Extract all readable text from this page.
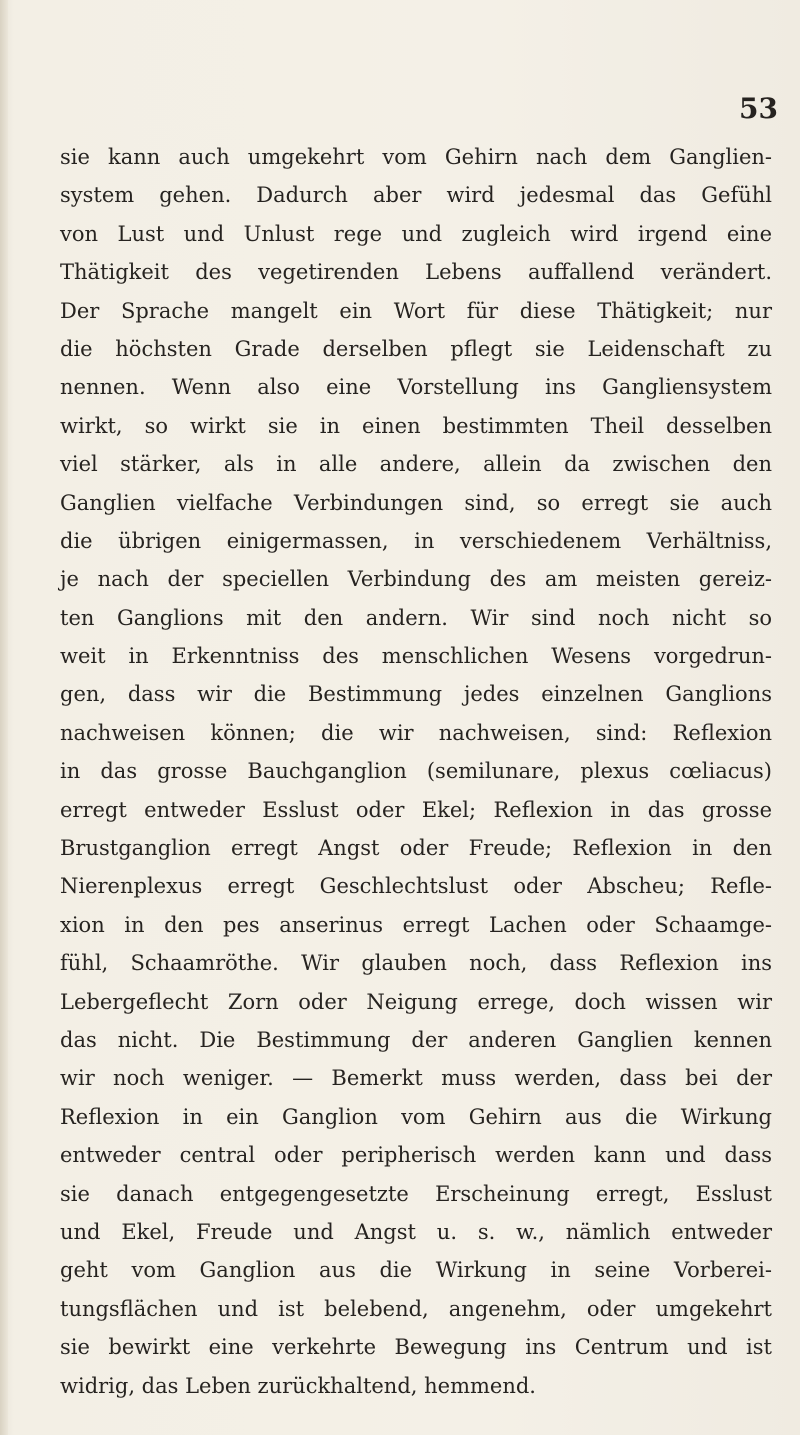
53

sie kann auch umgekehrt vom Gehirn nach dem Ganglien-
system gehen. Dadurch aber wird jedesmal das Gefühl
von Lust und Unlust rege und zugleich wird irgend eine
Thätigkeit des vegetirenden Lebens auffallend verändert.
Der Sprache mangelt ein Wort für diese Thätigkeit; nur
die höchsten Grade derselben pflegt sie Leidenschaft zu
nennen. Wenn also eine Vorstellung ins Gangliensystem
wirkt, so wirkt sie in einen bestimmten Theil desselben
viel stärker, als in alle andere, allein da zwischen den
Ganglien vielfache Verbindungen sind, so erregt sie auch
die übrigen einigermassen, in verschiedenem Verhältniss,
je nach der speciellen Verbindung des am meisten gereiz-
ten Ganglions mit den andern. Wir sind noch nicht so
weit in Erkenntniss des menschlichen Wesens vorgedrun-
gen, dass wir die Bestimmung jedes einzelnen Ganglions
nachweisen können; die wir nachweisen, sind: Reflexion
in das grosse Bauchganglion (semilunare, plexus cœliacus)
erregt entweder Esslust oder Ekel; Reflexion in das grosse
Brustganglion erregt Angst oder Freude; Reflexion in den
Nierenplexus erregt Geschlechtslust oder Abscheu; Refle-
xion in den pes anserinus erregt Lachen oder Schaamge-
fühl, Schaamröthe. Wir glauben noch, dass Reflexion ins
Lebergeflecht Zorn oder Neigung errege, doch wissen wir
das nicht. Die Bestimmung der anderen Ganglien kennen
wir noch weniger. — Bemerkt muss werden, dass bei der
Reflexion in ein Ganglion vom Gehirn aus die Wirkung
entweder central oder peripherisch werden kann und dass
sie danach entgegengesetzte Erscheinung erregt, Esslust
und Ekel, Freude und Angst u. s. w., nämlich entweder
geht vom Ganglion aus die Wirkung in seine Vorberei-
tungsflächen und ist belebend, angenehm, oder umgekehrt
sie bewirkt eine verkehrte Bewegung ins Centrum und ist
widrig, das Leben zurückhaltend, hemmend.
